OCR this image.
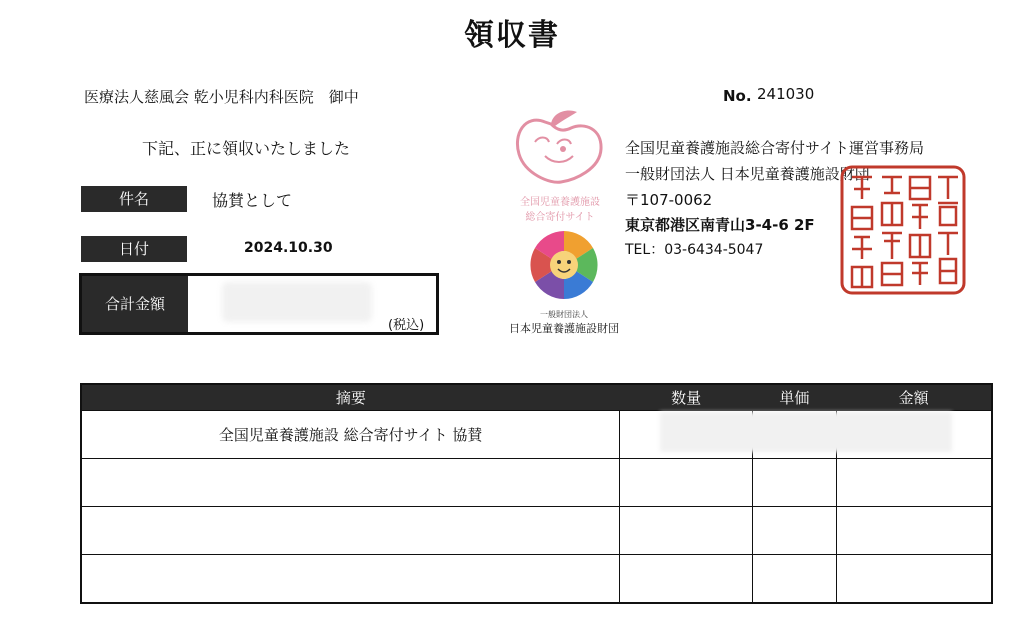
領収書
医療法人慈風会 乾小児科内科医院　御中	No. 241030
下記、正に領収いたしました
件名	協賛として
日付	2024.10.30
合計金額
(税込)
全国児童養護施設
総合寄付サイト
一般財団法人
日本児童養護施設財団
全国児童養護施設総合寄付サイト運営事務局
一般財団法人 日本児童養護施設財団
〒107-0062
東京都港区南青山3-4-6 2F
TEL：03-6434-5047
摘要	数量	単価	金額
全国児童養護施設 総合寄付サイト 協賛			
